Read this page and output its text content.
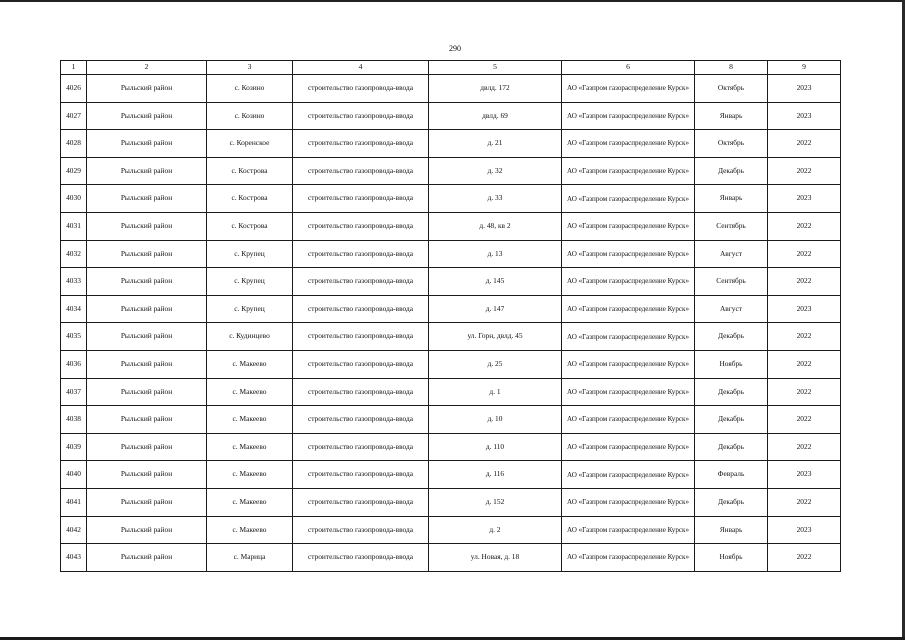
290
1	2	3	4	5	6	8	9
4026	Рыльский район	с. Козино	строительство газопровода-ввода	двлд. 172	АО «Газпром газораспределение Курск»	Октябрь	2023
4027	Рыльский район	с. Козино	строительство газопровода-ввода	двлд. 69	АО «Газпром газораспределение Курск»	Январь	2023
4028	Рыльский район	с. Коренское	строительство газопровода-ввода	д. 21	АО «Газпром газораспределение Курск»	Октябрь	2022
4029	Рыльский район	с. Кострова	строительство газопровода-ввода	д. 32	АО «Газпром газораспределение Курск»	Декабрь	2022
4030	Рыльский район	с. Кострова	строительство газопровода-ввода	д. 33	АО «Газпром газораспределение Курск»	Январь	2023
4031	Рыльский район	с. Кострова	строительство газопровода-ввода	д. 48, кв 2	АО «Газпром газораспределение Курск»	Сентябрь	2022
4032	Рыльский район	с. Крупец	строительство газопровода-ввода	д. 13	АО «Газпром газораспределение Курск»	Август	2022
4033	Рыльский район	с. Крупец	строительство газопровода-ввода	д. 145	АО «Газпром газораспределение Курск»	Сентябрь	2022
4034	Рыльский район	с. Крупец	строительство газопровода-ввода	д. 147	АО «Газпром газораспределение Курск»	Август	2023
4035	Рыльский район	с. Кудинцево	строительство газопровода-ввода	ул. Горн, двлд. 45	АО «Газпром газораспределение Курск»	Декабрь	2022
4036	Рыльский район	с. Макеево	строительство газопровода-ввода	д. 25	АО «Газпром газораспределение Курск»	Ноябрь	2022
4037	Рыльский район	с. Макеево	строительство газопровода-ввода	д. 1	АО «Газпром газораспределение Курск»	Декабрь	2022
4038	Рыльский район	с. Макеево	строительство газопровода-ввода	д. 10	АО «Газпром газораспределение Курск»	Декабрь	2022
4039	Рыльский район	с. Макеево	строительство газопровода-ввода	д. 110	АО «Газпром газораспределение Курск»	Декабрь	2022
4040	Рыльский район	с. Макеево	строительство газопровода-ввода	д. 116	АО «Газпром газораспределение Курск»	Февраль	2023
4041	Рыльский район	с. Макеево	строительство газопровода-ввода	д. 152	АО «Газпром газораспределение Курск»	Декабрь	2022
4042	Рыльский район	с. Макеево	строительство газопровода-ввода	д. 2	АО «Газпром газораспределение Курск»	Январь	2023
4043	Рыльский район	с. Марица	строительство газопровода-ввода	ул. Новая, д. 18	АО «Газпром газораспределение Курск»	Ноябрь	2022
